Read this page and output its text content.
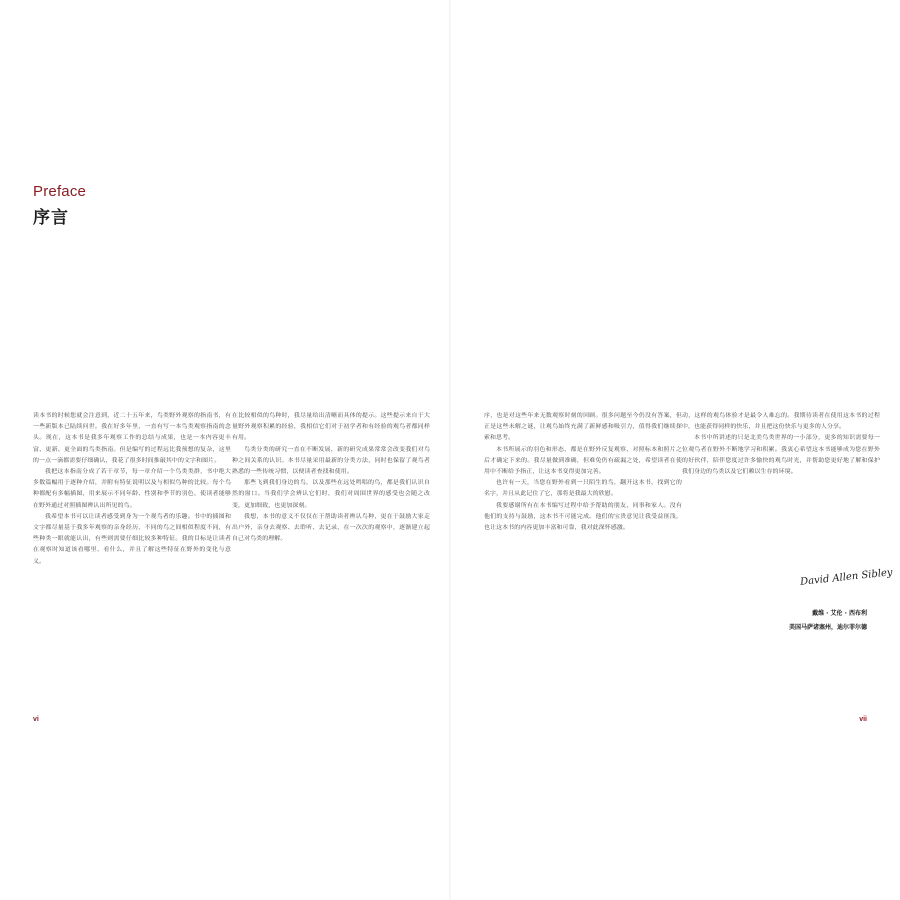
Preface
序言

读本书的时候您就会注意到，近二十五年来，鸟类野外观察的指南书，有一些新版本已陆续问世。我在好多年里，一直有写一本鸟类观察指南的念头。现在，这本书是我多年观察工作的总结与成果，也是一本内容更丰富、更新、更全面的鸟类指南。但是编写的过程远比我预想的复杂，这里的一点一滴都需要仔细确认，我花了很多时间推敲其中的文字和图片。

我把这本指南分成了若干章节，每一章介绍一个鸟类类群，书中绝大多数篇幅用于逐种介绍，并附有特征说明以及与相似鸟种的比较。每个鸟种都配有多幅插图，用来展示不同年龄、性别和季节的羽色，使读者能够在野外通过对照插图辨认出所见的鸟。

我希望本书可以让读者感受到身为一个观鸟者的乐趣。书中的插图和文字都尽量基于我多年观察的亲身经历，不同的鸟之间相似程度不同，有些种类一眼就能认出，有些则需要仔细比较多种特征。我的目标是让读者在观察时知道该看哪里、看什么，并且了解这些特征在野外的变化与意义。

在比较相似的鸟种时，我尽量给出清晰而具体的提示。这些提示来自于大量野外观察积累的经验，我相信它们对于初学者和有经验的观鸟者都同样有用。

鸟类分类的研究一直在不断发展，新的研究成果常常会改变我们对鸟种之间关系的认识。本书尽量采用最新的分类方法，同时也保留了观鸟者熟悉的一些传统习惯，以便读者查找和使用。

那些飞到我们身边的鸟，以及那些在远处鸣唱的鸟，都是我们认识自然的窗口。当我们学会辨认它们时，我们对周围世界的感受也会随之改变，更加细致，也更加深刻。

我想，本书的意义不仅仅在于帮助读者辨认鸟种，更在于鼓励大家走出户外，亲身去观察、去聆听、去记录，在一次次的观察中，逐渐建立起自己对鸟类的理解。

序，也是对这些年来无数观察时刻的回顾。很多问题至今仍没有答案，但正是这些未解之谜，让观鸟始终充满了新鲜感和吸引力，值得我们继续探索和思考。

本书所展示的羽色和形态，都是在野外反复观察、对照标本和照片之后才确定下来的。我尽量做到准确，但难免仍有疏漏之处，希望读者在使用中不断给予指正，让这本书变得更加完善。

也许有一天，当您在野外看到一只陌生的鸟，翻开这本书，找到它的名字，并且从此记住了它，那将是我最大的欣慰。

我要感谢所有在本书编写过程中给予帮助的朋友、同事和家人。没有他们的支持与鼓励，这本书不可能完成。他们的宝贵意见让我受益匪浅，也让这本书的内容更加丰富和可靠，我对此深怀感激。

动，这样的观鸟体验才是最令人难忘的。我期待读者在使用这本书的过程中，也能获得同样的快乐，并且把这份快乐与更多的人分享。

本书中所讲述的只是北美鸟类世界的一小部分，更多的知识需要每一位观鸟者在野外不断地学习和积累。我衷心希望这本书能够成为您在野外的好伙伴，陪伴您度过许多愉快的观鸟时光，并帮助您更好地了解和保护我们身边的鸟类以及它们赖以生存的环境。

David Allen Sibley
戴维 · 艾伦 · 西布利
美国马萨诸塞州，迪尔菲尔德
vi	vii
